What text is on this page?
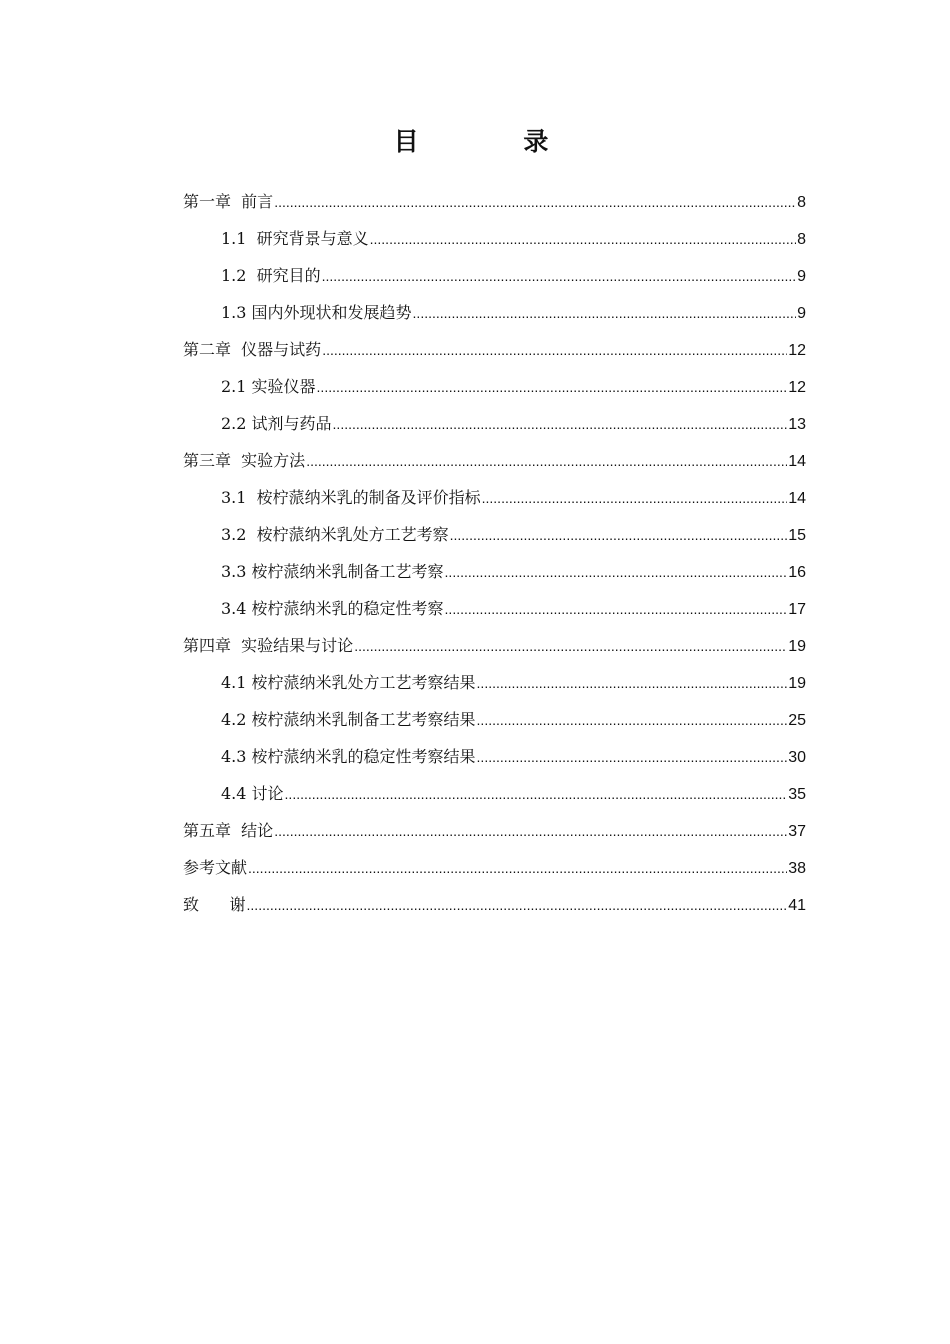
目 录
第一章  前言 .....	8
1.1  研究背景与意义 .....	8
1.2  研究目的 .....	9
1.3 国内外现状和发展趋势 .....	9
第二章  仪器与试药 .....	12
2.1 实验仪器 .....	12
2.2 试剂与药品 .....	13
第三章  实验方法 .....	14
3.1  桉柠蒎纳米乳的制备及评价指标 .....	14
3.2  桉柠蒎纳米乳处方工艺考察 .....	15
3.3 桉柠蒎纳米乳制备工艺考察 .....	16
3.4 桉柠蒎纳米乳的稳定性考察 .....	17
第四章  实验结果与讨论 .....	19
4.1 桉柠蒎纳米乳处方工艺考察结果 .....	19
4.2 桉柠蒎纳米乳制备工艺考察结果 .....	25
4.3 桉柠蒎纳米乳的稳定性考察结果 .....	30
4.4 讨论 .....	35
第五章  结论 .....	37
参考文献 .....	38
致      谢 .....	41
